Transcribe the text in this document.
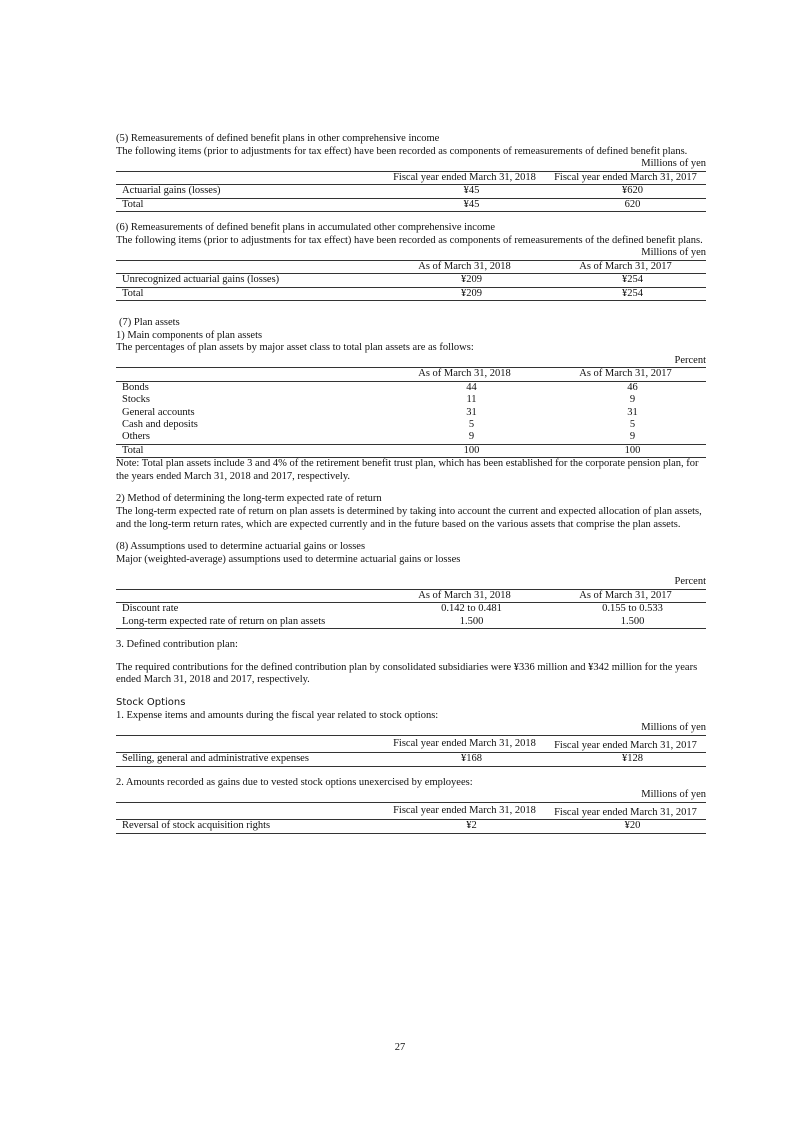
(5) Remeasurements of defined benefit plans in other comprehensive income

The following items (prior to adjustments for tax effect) have been recorded as components of remeasurements of defined benefit plans.

Millions of yen

	Fiscal year ended March 31, 2018	Fiscal year ended March 31, 2017
Actuarial gains (losses)	¥45	¥620
Total	¥45	620

(6) Remeasurements of defined benefit plans in accumulated other comprehensive income

The following items (prior to adjustments for tax effect) have been recorded as components of remeasurements of the defined benefit plans.

Millions of yen

	As of March 31, 2018	As of March 31, 2017
Unrecognized actuarial gains (losses)	¥209	¥254
Total	¥209	¥254

(7) Plan assets

1) Main components of plan assets

The percentages of plan assets by major asset class to total plan assets are as follows:

Percent

	As of March 31, 2018	As of March 31, 2017
Bonds	44	46
Stocks	11	9
General accounts	31	31
Cash and deposits	5	5
Others	9	9
Total	100	100

Note: Total plan assets include 3 and 4% of the retirement benefit trust plan, which has been established for the corporate pension plan, for the years ended March 31, 2018 and 2017, respectively.

2) Method of determining the long-term expected rate of return

The long-term expected rate of return on plan assets is determined by taking into account the current and expected allocation of plan assets, and the long-term return rates, which are expected currently and in the future based on the various assets that comprise the plan assets.

(8) Assumptions used to determine actuarial gains or losses

Major (weighted-average) assumptions used to determine actuarial gains or losses

Percent

	As of March 31, 2018	As of March 31, 2017
Discount rate	0.142 to 0.481	0.155 to 0.533
Long-term expected rate of return on plan assets	1.500	1.500

3. Defined contribution plan:

The required contributions for the defined contribution plan by consolidated subsidiaries were ¥336 million and ¥342 million for the years ended March 31, 2018 and 2017, respectively.

Stock Options

1. Expense items and amounts during the fiscal year related to stock options:

Millions of yen

	Fiscal year ended March 31, 2018	Fiscal year ended March 31, 2017
Selling, general and administrative expenses	¥168	¥128

2. Amounts recorded as gains due to vested stock options unexercised by employees:

Millions of yen

	Fiscal year ended March 31, 2018	Fiscal year ended March 31, 2017
Reversal of stock acquisition rights	¥2	¥20
27
